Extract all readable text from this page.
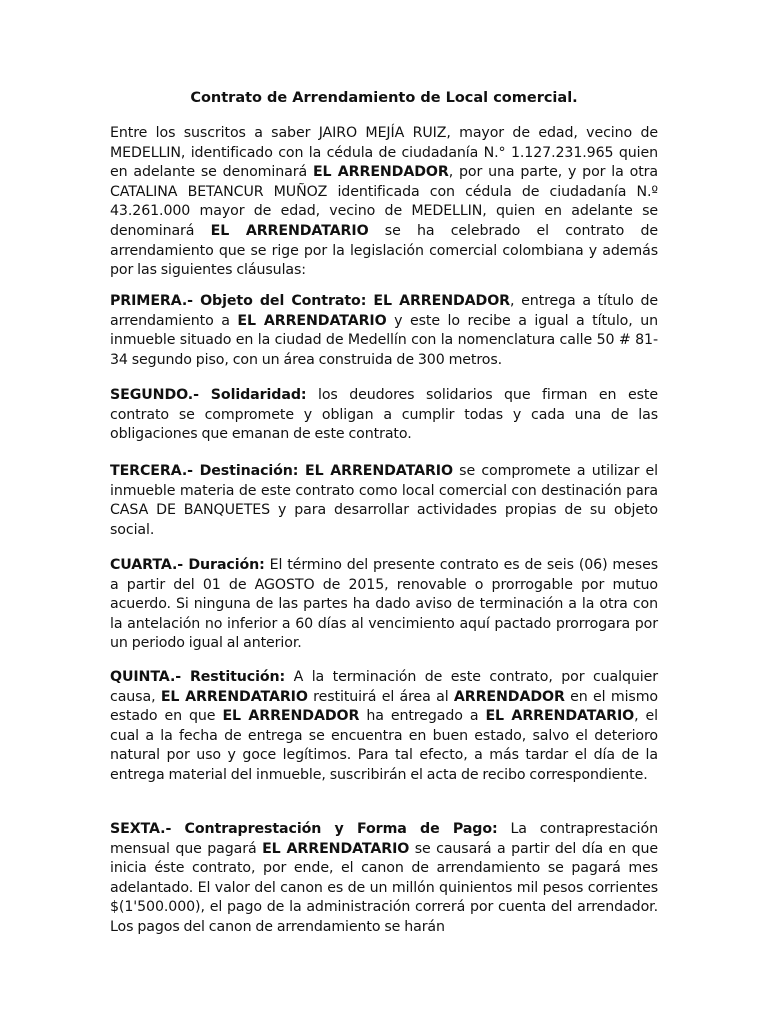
Contrato de Arrendamiento de Local comercial.

Entre los suscritos a saber JAIRO MEJÍA RUIZ, mayor de edad, vecino de MEDELLIN, identificado con la cédula de ciudadanía N.° 1.127.231.965 quien en adelante se denominará EL ARRENDADOR, por una parte, y por la otra CATALINA BETANCUR MUÑOZ identificada con cédula de ciudadanía N.º 43.261.000 mayor de edad, vecino de MEDELLIN, quien en adelante se denominará EL ARRENDATARIO se ha celebrado el contrato de arrendamiento que se rige por la legislación comercial colombiana y además por las siguientes cláusulas:

PRIMERA.- Objeto del Contrato: EL ARRENDADOR, entrega a título de arrendamiento a EL ARRENDATARIO y este lo recibe a igual a título, un inmueble situado en la ciudad de Medellín con la nomenclatura calle 50 # 81-34 segundo piso, con un área construida de 300 metros.

SEGUNDO.- Solidaridad: los deudores solidarios que firman en este contrato se compromete y obligan a cumplir todas y cada una de las obligaciones que emanan de este contrato.

TERCERA.- Destinación: EL ARRENDATARIO se compromete a utilizar el inmueble materia de este contrato como local comercial con destinación para CASA DE BANQUETES y para desarrollar actividades propias de su objeto social.

CUARTA.- Duración: El término del presente contrato es de seis (06) meses a partir del 01 de AGOSTO de 2015, renovable o prorrogable por mutuo acuerdo. Si ninguna de las partes ha dado aviso de terminación a la otra con la antelación no inferior a 60 días al vencimiento aquí pactado prorrogara por un periodo igual al anterior.

QUINTA.- Restitución: A la terminación de este contrato, por cualquier causa, EL ARRENDATARIO restituirá el área al ARRENDADOR en el mismo estado en que EL ARRENDADOR ha entregado a EL ARRENDATARIO, el cual a la fecha de entrega se encuentra en buen estado, salvo el deterioro natural por uso y goce legítimos. Para tal efecto, a más tardar el día de la entrega material del inmueble, suscribirán el acta de recibo correspondiente.

SEXTA.- Contraprestación y Forma de Pago: La contraprestación mensual que pagará EL ARRENDATARIO se causará a partir del día en que inicia éste contrato, por ende, el canon de arrendamiento se pagará mes adelantado. El valor del canon es de un millón quinientos mil pesos corrientes $(1'500.000), el pago de la administración correrá por cuenta del arrendador. Los pagos del canon de arrendamiento se harán
